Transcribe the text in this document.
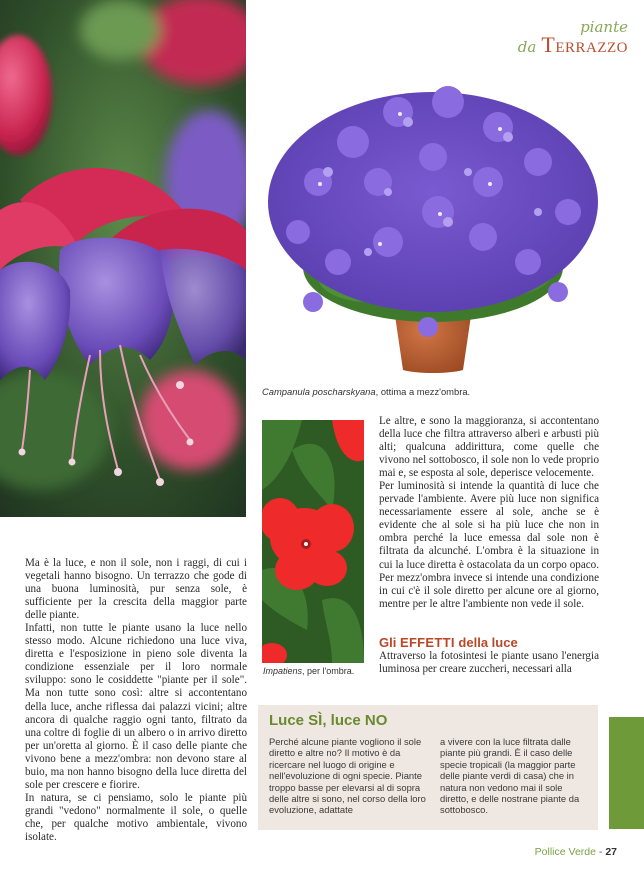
piante
da Terrazzo
Campanula poscharskyana, ottima a mezz'ombra.
Impatiens, per l'ombra.

Ma è la luce, e non il sole, non i raggi, di cui i vegetali hanno bisogno. Un terrazzo che gode di una buona luminosità, pur senza sole, è sufficiente per la crescita della maggior parte delle piante.

Infatti, non tutte le piante usano la luce nello stesso modo. Alcune richiedono una luce viva, diretta e l'esposizione in pieno sole diventa la condizione essenziale per il loro normale sviluppo: sono le cosiddette "piante per il sole". Ma non tutte sono così: altre si accontentano della luce, anche riflessa dai palazzi vicini; altre ancora di qualche raggio ogni tanto, filtrato da una coltre di foglie di un albero o in arrivo diretto per un'oretta al giorno. È il caso delle piante che vivono bene a mezz'ombra: non devono stare al buio, ma non hanno bisogno della luce diretta del sole per crescere e fiorire.

In natura, se ci pensiamo, solo le piante più grandi "vedono" normalmente il sole, o quelle che, per qualche motivo ambientale, vivono isolate.

Le altre, e sono la maggioranza, si accontentano della luce che filtra attraverso alberi e arbusti più alti; qualcuna addirittura, come quelle che vivono nel sottobosco, il sole non lo vede proprio mai e, se esposta al sole, deperisce velocemente.

Per luminosità si intende la quantità di luce che pervade l'ambiente. Avere più luce non significa necessariamente essere al sole, anche se è evidente che al sole si ha più luce che non in ombra perché la luce emessa dal sole non è filtrata da alcunché. L'ombra è la situazione in cui la luce diretta è ostacolata da un corpo opaco. Per mezz'ombra invece si intende una condizione in cui c'è il sole diretto per alcune ore al giorno, mentre per le altre l'ambiente non vede il sole.

Gli EFFETTI della luce

Attraverso la fotosintesi le piante usano l'energia luminosa per creare zuccheri, necessari alla

Luce SÌ, luce NO
Perché alcune piante vogliono il sole diretto e altre no? Il motivo è da ricercare nel luogo di origine e nell'evoluzione di ogni specie. Piante troppo basse per elevarsi al di sopra delle altre si sono, nel corso della loro evoluzione, adattate
a vivere con la luce filtrata dalle piante più grandi. È il caso delle specie tropicali (la maggior parte delle piante verdi di casa) che in natura non vedono mai il sole diretto, e delle nostrane piante da sottobosco.
Pollice Verde - 27
